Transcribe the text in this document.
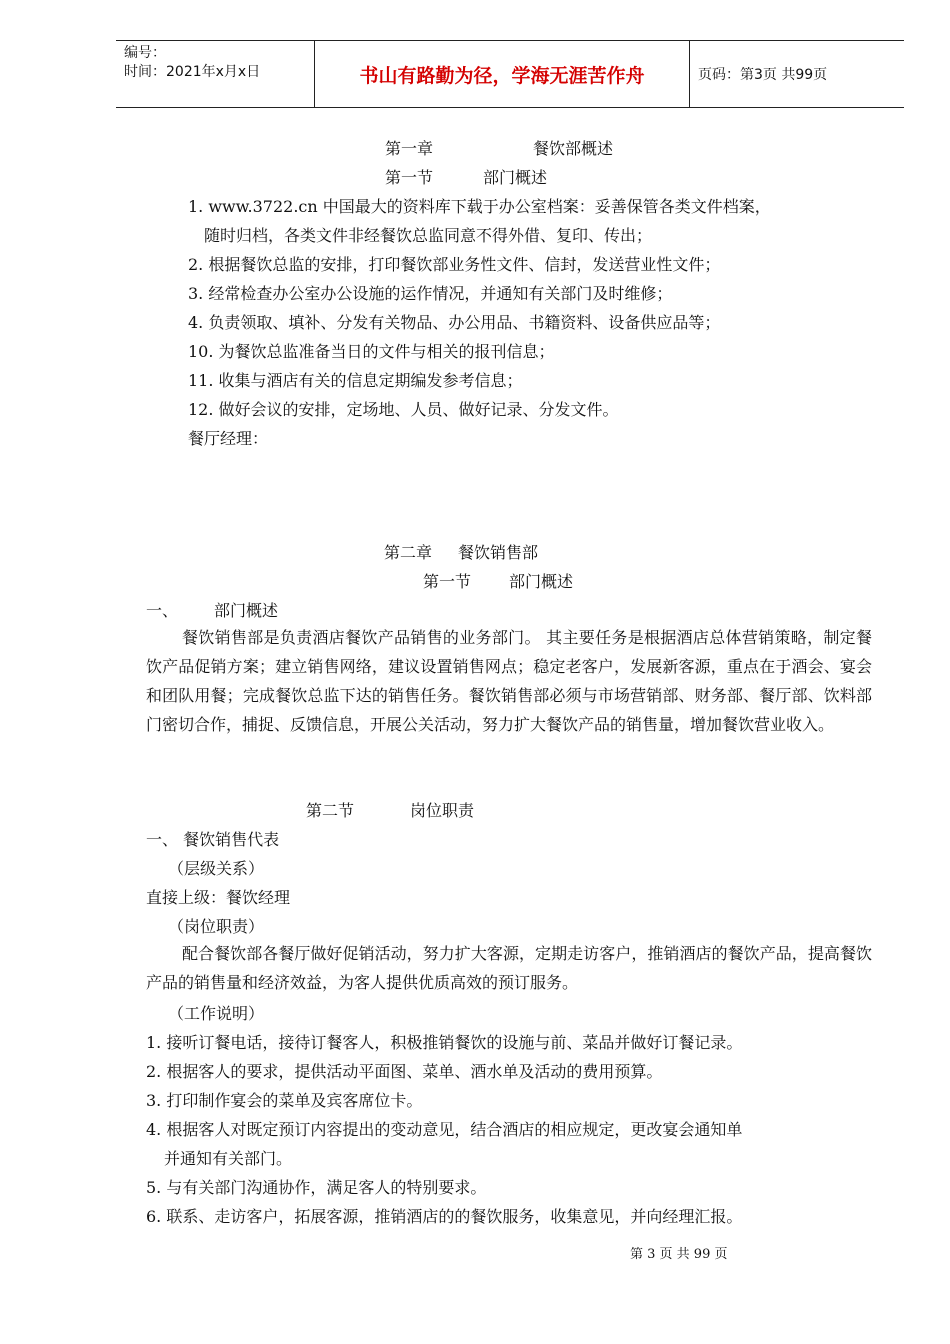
编号：
时间：2021年x月x日	书山有路勤为径，学海无涯苦作舟	页码：第3页 共99页
第一章	餐饮部概述
第一节	部门概述
1. www.3722.cn 中国最大的资料库下载于办公室档案：妥善保管各类文件档案，
随时归档，各类文件非经餐饮总监同意不得外借、复印、传出；
2. 根据餐饮总监的安排，打印餐饮部业务性文件、信封，发送营业性文件；
3. 经常检查办公室办公设施的运作情况，并通知有关部门及时维修；
4. 负责领取、填补、分发有关物品、办公用品、书籍资料、设备供应品等；
10. 为餐饮总监准备当日的文件与相关的报刊信息；
11. 收集与酒店有关的信息定期编发参考信息；
12. 做好会议的安排，定场地、人员、做好记录、分发文件。
餐厅经理：
第二章 餐饮销售部
第一节 部门概述
一、 部门概述
餐饮销售部是负责酒店餐饮产品销售的业务部门。 其主要任务是根据酒店总体营销策略，制定餐饮产品促销方案；建立销售网络，建议设置销售网点；稳定老客户，发展新客源，重点在于酒会、宴会和团队用餐；完成餐饮总监下达的销售任务。餐饮销售部必须与市场营销部、财务部、餐厅部、饮料部门密切合作，捕捉、反馈信息，开展公关活动，努力扩大餐饮产品的销售量，增加餐饮营业收入。
第二节	岗位职责
一、 餐饮销售代表
（层级关系）
直接上级：餐饮经理
（岗位职责）
配合餐饮部各餐厅做好促销活动，努力扩大客源，定期走访客户，推销酒店的餐饮产品，提高餐饮产品的销售量和经济效益，为客人提供优质高效的预订服务。
（工作说明）
1. 接听订餐电话，接待订餐客人，积极推销餐饮的设施与前、菜品并做好订餐记录。
2. 根据客人的要求，提供活动平面图、菜单、酒水单及活动的费用预算。
3. 打印制作宴会的菜单及宾客席位卡。
4. 根据客人对既定预订内容提出的变动意见，结合酒店的相应规定，更改宴会通知单
并通知有关部门。
5. 与有关部门沟通协作，满足客人的特别要求。
6. 联系、走访客户，拓展客源，推销酒店的的餐饮服务，收集意见，并向经理汇报。
第 3 页 共 99 页
